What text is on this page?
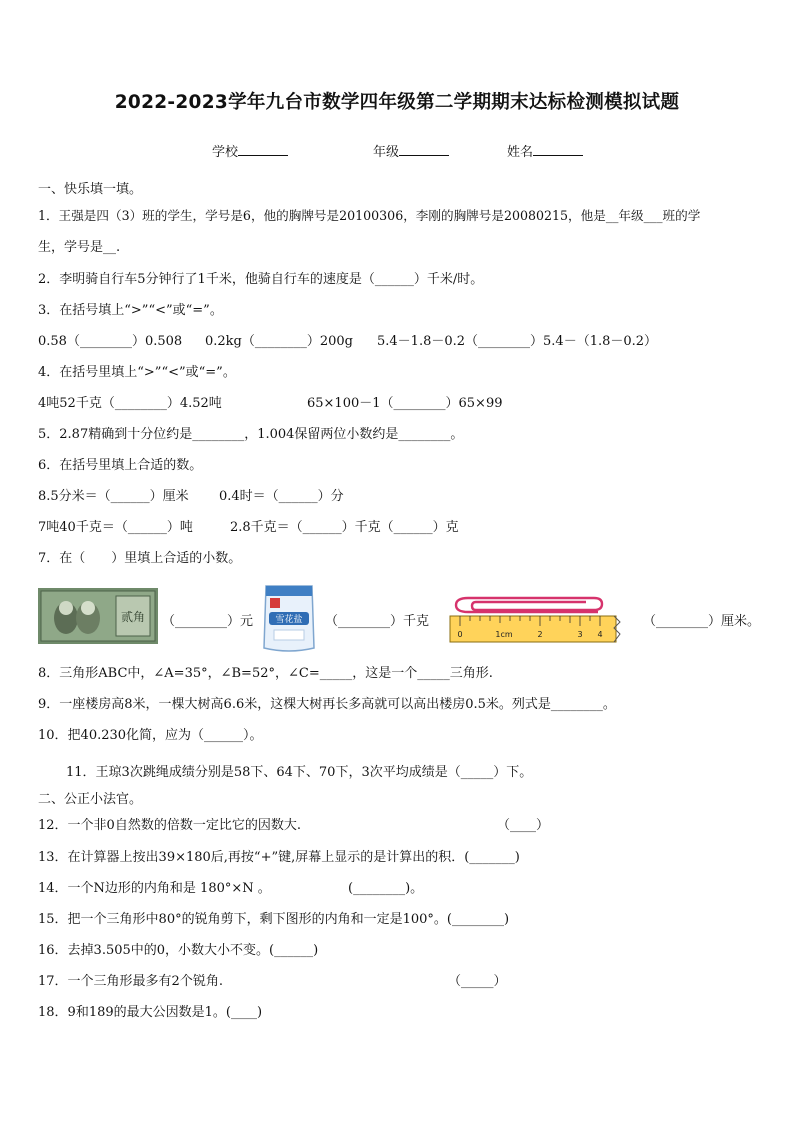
2022-2023学年九台市数学四年级第二学期期末达标检测模拟试题
学校	年级	姓名
一、快乐填一填。
1．王强是四（3）班的学生，学号是6，他的胸牌号是20100306，李刚的胸牌号是20080215，他是__年级___班的学
生，学号是__.
2．李明骑自行车5分钟行了1千米，他骑自行车的速度是（______）千米/时。
3．在括号填上“>”“<”或“=”。
0.58（________）0.508 0.2kg（________）200g 5.4－1.8－0.2（________）5.4－（1.8－0.2）
4．在括号里填上“>”“<”或“=”。
4吨52千克（________）4.52吨	65×100－1（________）65×99
5．2.87精确到十分位约是________，1.004保留两位小数约是________。
6．在括号里填上合适的数。
8.5分米＝（______）厘米 0.4时＝（______）分
7吨40千克＝（______）吨	2.8千克＝（______）千克（______）克
7．在（　　）里填上合适的小数。
贰角 （________）元 雪花盐 （________）千克
0	1cm	2	3 4
（________）厘米。
8．三角形ABC中，∠A=35°，∠B=52°，∠C=_____，这是一个_____三角形.
9．一座楼房高8米，一棵大树高6.6米，这棵大树再长多高就可以高出楼房0.5米。列式是________。
10．把40.230化简，应为（______）。
11．王琼3次跳绳成绩分别是58下、64下、70下，3次平均成绩是（_____）下。
二、公正小法官。
12．一个非0自然数的倍数一定比它的因数大.	（____）
13．在计算器上按出39×180后,再按“+”键,屏幕上显示的是计算出的积．(_______)
14．一个N边形的内角和是 180°×N 。	(________)。
15．把一个三角形中80°的锐角剪下，剩下图形的内角和一定是100°。(________)
16．去掉3.505中的0，小数大小不变。(______)
17．一个三角形最多有2个锐角.	（_____）
18．9和189的最大公因数是1。(____)
